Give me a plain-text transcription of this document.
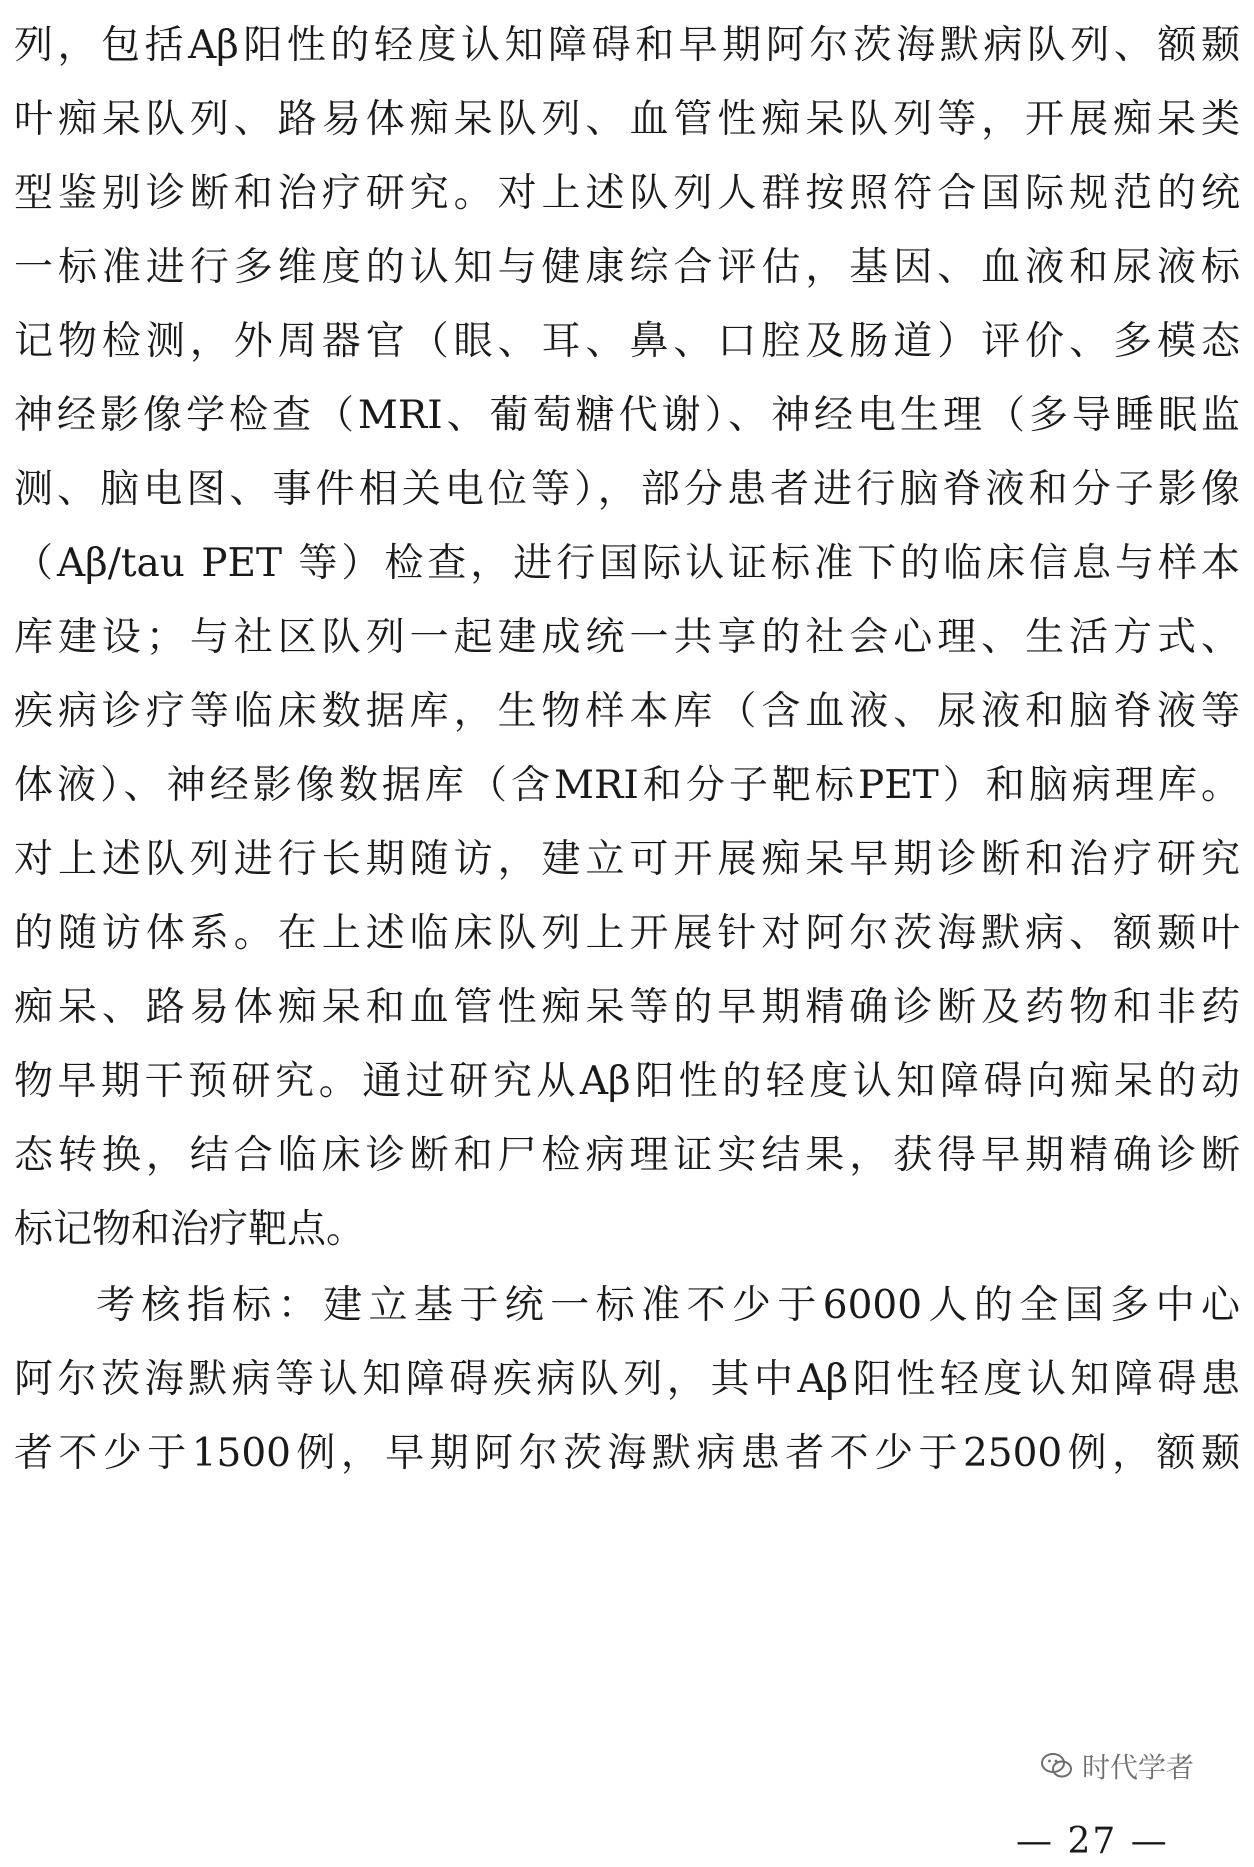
列，包括Aβ阳性的轻度认知障碍和早期阿尔茨海默病队列、额颞
叶痴呆队列、路易体痴呆队列、血管性痴呆队列等，开展痴呆类
型鉴别诊断和治疗研究。对上述队列人群按照符合国际规范的统
一标准进行多维度的认知与健康综合评估，基因、血液和尿液标
记物检测，外周器官（眼、耳、鼻、口腔及肠道）评价、多模态
神经影像学检查（MRI、葡萄糖代谢）、神经电生理（多导睡眠监
测、脑电图、事件相关电位等），部分患者进行脑脊液和分子影像
（Aβ/tau PET 等）检查，进行国际认证标准下的临床信息与样本
库建设；与社区队列一起建成统一共享的社会心理、生活方式、
疾病诊疗等临床数据库，生物样本库（含血液、尿液和脑脊液等
体液）、神经影像数据库（含MRI和分子靶标PET）和脑病理库。
对上述队列进行长期随访，建立可开展痴呆早期诊断和治疗研究
的随访体系。在上述临床队列上开展针对阿尔茨海默病、额颞叶
痴呆、路易体痴呆和血管性痴呆等的早期精确诊断及药物和非药
物早期干预研究。通过研究从Aβ阳性的轻度认知障碍向痴呆的动
态转换，结合临床诊断和尸检病理证实结果，获得早期精确诊断
标记物和治疗靶点。
考核指标：建立基于统一标准不少于6000人的全国多中心
阿尔茨海默病等认知障碍疾病队列，其中Aβ阳性轻度认知障碍患
者不少于1500例，早期阿尔茨海默病患者不少于2500例，额颞
时代学者
— 27 —
